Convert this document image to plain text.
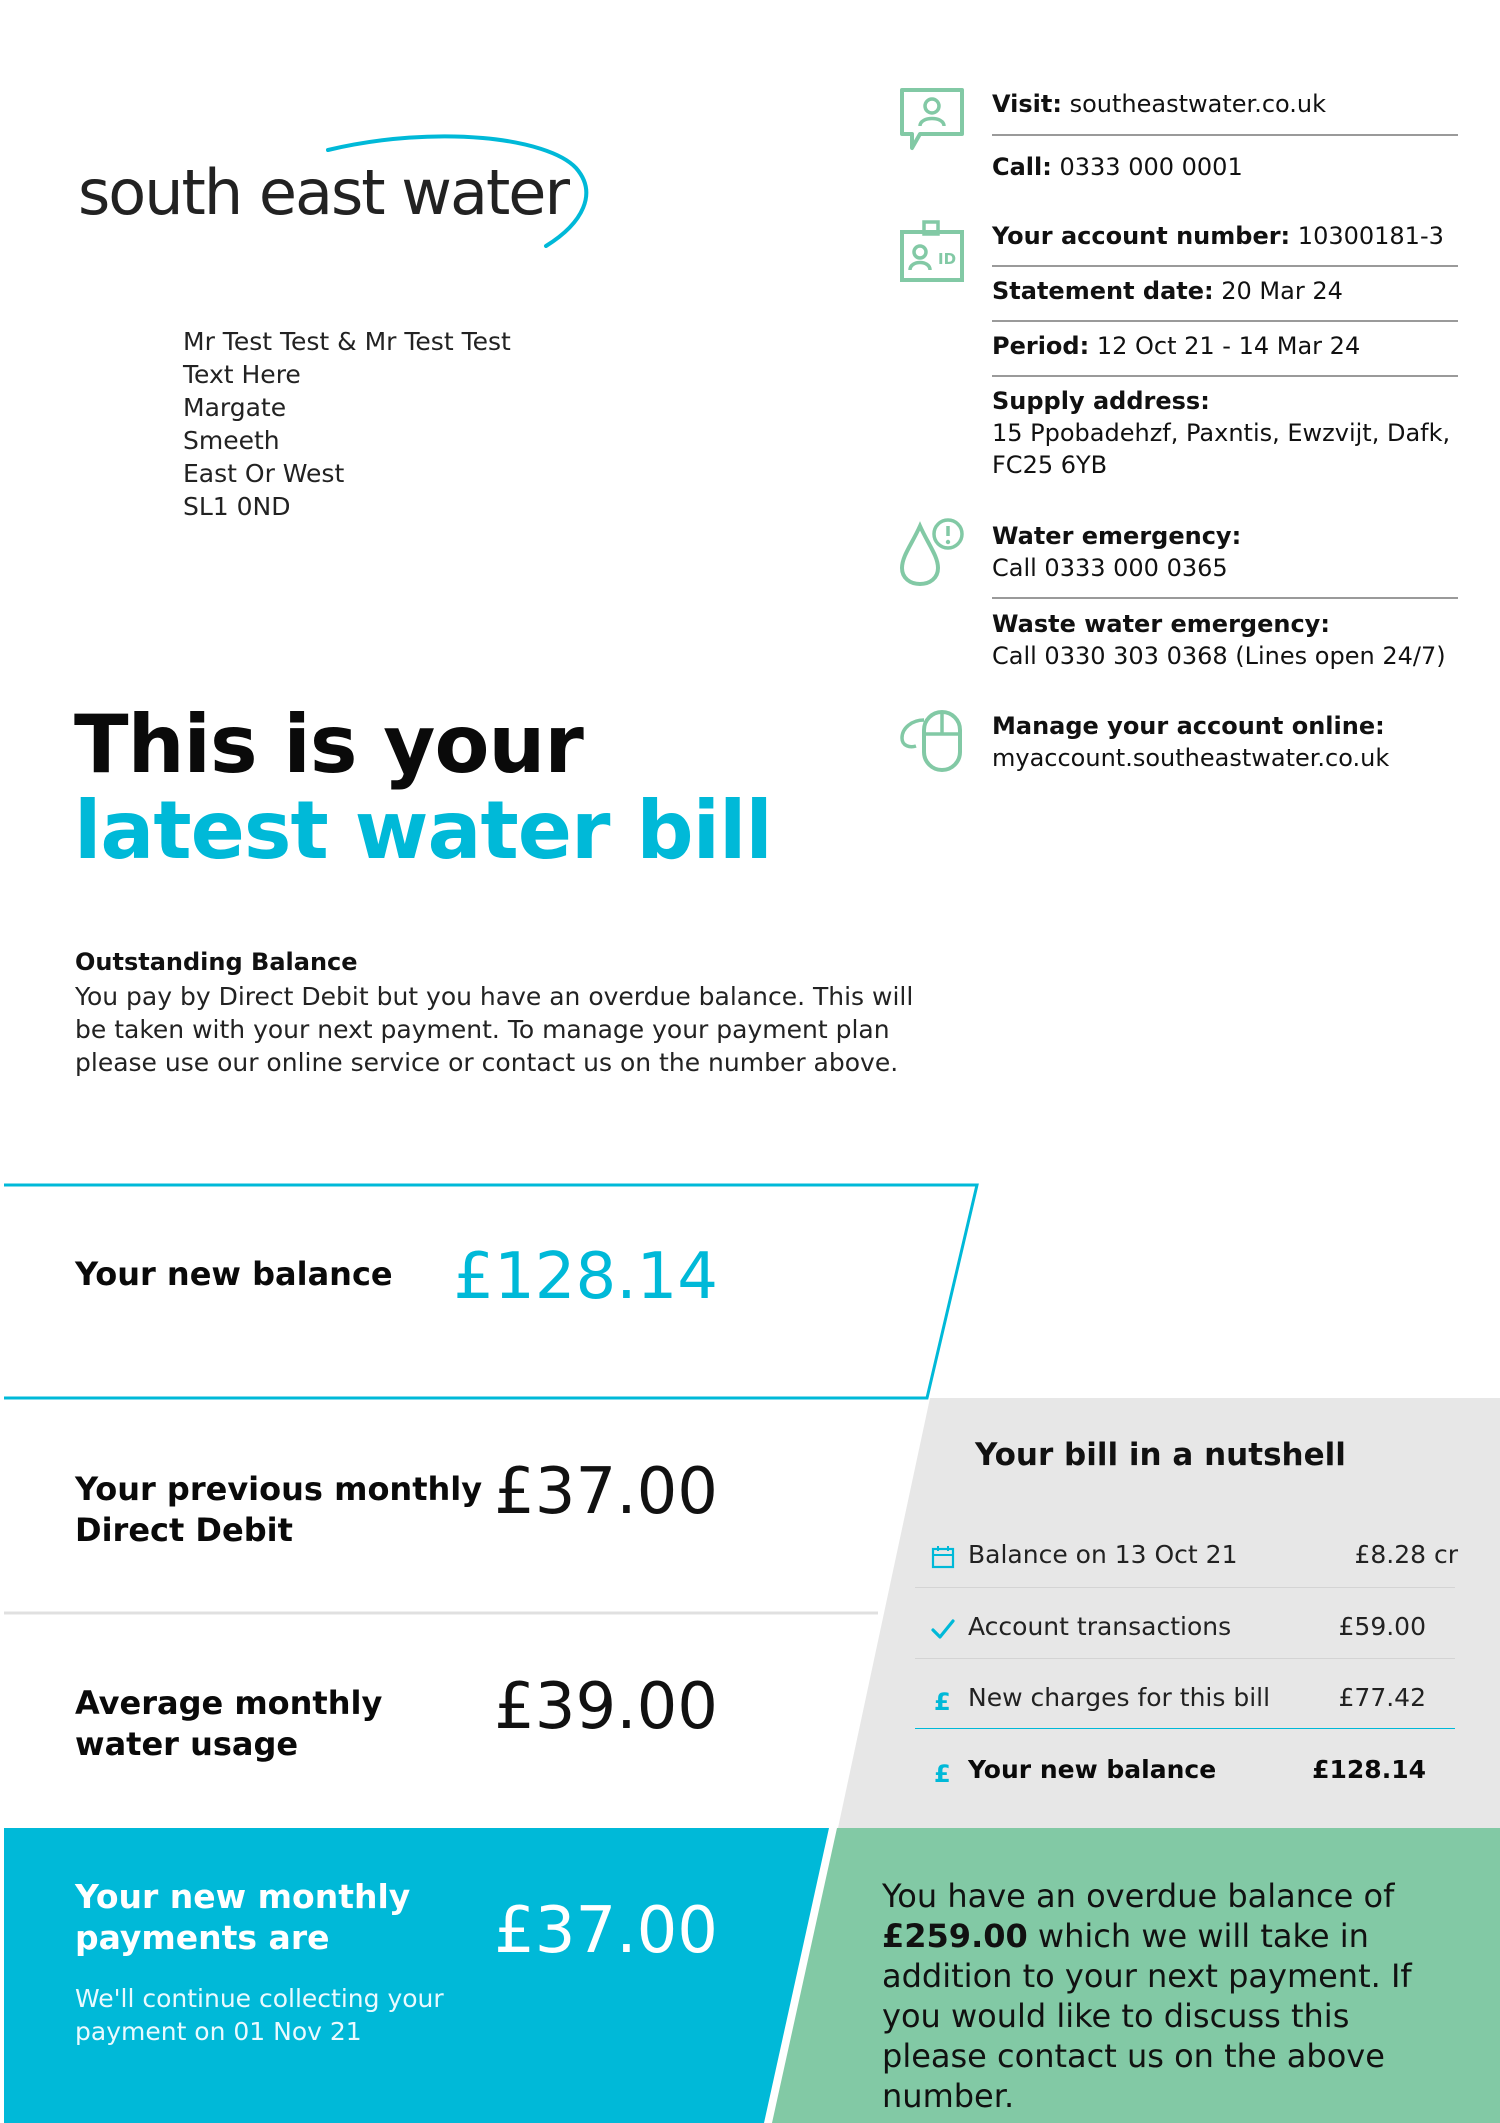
south east water
Mr Test Test & Mr Test Test
Text Here
Margate
Smeeth
East Or West
SL1 0ND
ID
Visit: southeastwater.co.uk
Call: 0333 000 0001
Your account number: 10300181-3
Statement date: 20 Mar 24
Period: 12 Oct 21 - 14 Mar 24
Supply address:
15 Ppobadehzf, Paxntis, Ewzvijt, Dafk, FC25 6YB
Water emergency:
Call 0333 000 0365
Waste water emergency:
Call 0330 303 0368 (Lines open 24/7)
Manage your account online:
myaccount.southeastwater.co.uk
This is your
latest water bill
Outstanding Balance
You pay by Direct Debit but you have an overdue balance. This will be taken with your next payment. To manage your payment plan please use our online service or contact us on the number above.
Your new balance £128.14
Your previous monthly
Direct Debit
£37.00
Average monthly
water usage	£39.00
Your bill in a nutshell
Balance on 13 Oct 21	£8.28 cr
Account transactions	£59.00
£ New charges for this bill	£77.42
£ Your new balance	£128.14
Your new monthly
payments are	£37.00
We'll continue collecting your
payment on 01 Nov 21
You have an overdue balance of £259.00 which we will take in addition to your next payment. If you would like to discuss this please contact us on the above number.
